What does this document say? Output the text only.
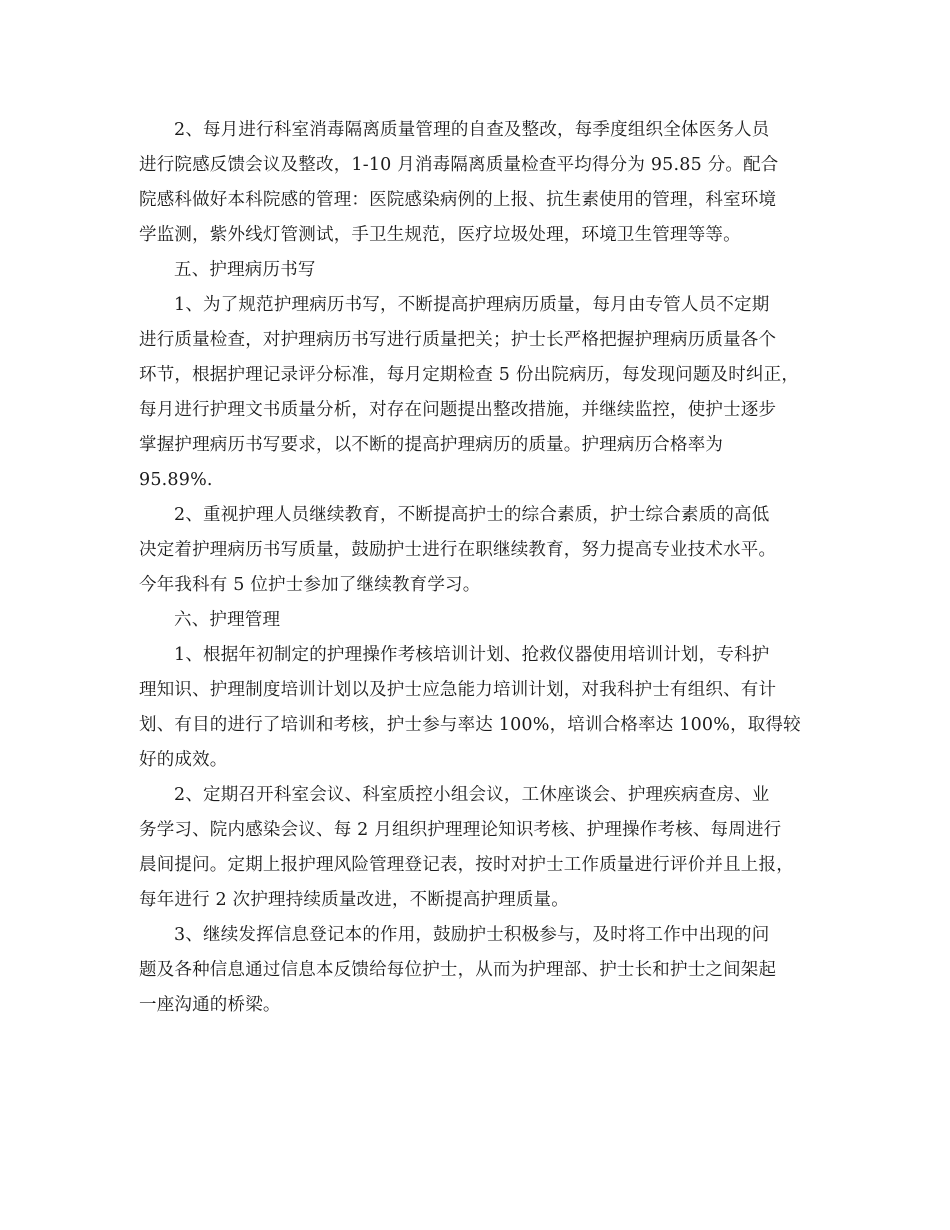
2、每月进行科室消毒隔离质量管理的自查及整改，每季度组织全体医务人员
进行院感反馈会议及整改，1-10 月消毒隔离质量检查平均得分为 95.85 分。配合
院感科做好本科院感的管理：医院感染病例的上报、抗生素使用的管理，科室环境
学监测，紫外线灯管测试，手卫生规范，医疗垃圾处理，环境卫生管理等等。
五、护理病历书写
1、为了规范护理病历书写，不断提高护理病历质量，每月由专管人员不定期
进行质量检查，对护理病历书写进行质量把关；护士长严格把握护理病历质量各个
环节，根据护理记录评分标准，每月定期检查 5 份出院病历，每发现问题及时纠正，
每月进行护理文书质量分析，对存在问题提出整改措施，并继续监控，使护士逐步
掌握护理病历书写要求，以不断的提高护理病历的质量。护理病历合格率为
95.89%.
2、重视护理人员继续教育，不断提高护士的综合素质，护士综合素质的高低
决定着护理病历书写质量，鼓励护士进行在职继续教育，努力提高专业技术水平。
今年我科有 5 位护士参加了继续教育学习。
六、护理管理
1、根据年初制定的护理操作考核培训计划、抢救仪器使用培训计划，专科护
理知识、护理制度培训计划以及护士应急能力培训计划，对我科护士有组织、有计
划、有目的进行了培训和考核，护士参与率达 100%，培训合格率达 100%，取得较
好的成效。
2、定期召开科室会议、科室质控小组会议，工休座谈会、护理疾病查房、业
务学习、院内感染会议、每 2 月组织护理理论知识考核、护理操作考核、每周进行
晨间提问。定期上报护理风险管理登记表，按时对护士工作质量进行评价并且上报，
每年进行 2 次护理持续质量改进，不断提高护理质量。
3、继续发挥信息登记本的作用，鼓励护士积极参与，及时将工作中出现的问
题及各种信息通过信息本反馈给每位护士，从而为护理部、护士长和护士之间架起
一座沟通的桥梁。
